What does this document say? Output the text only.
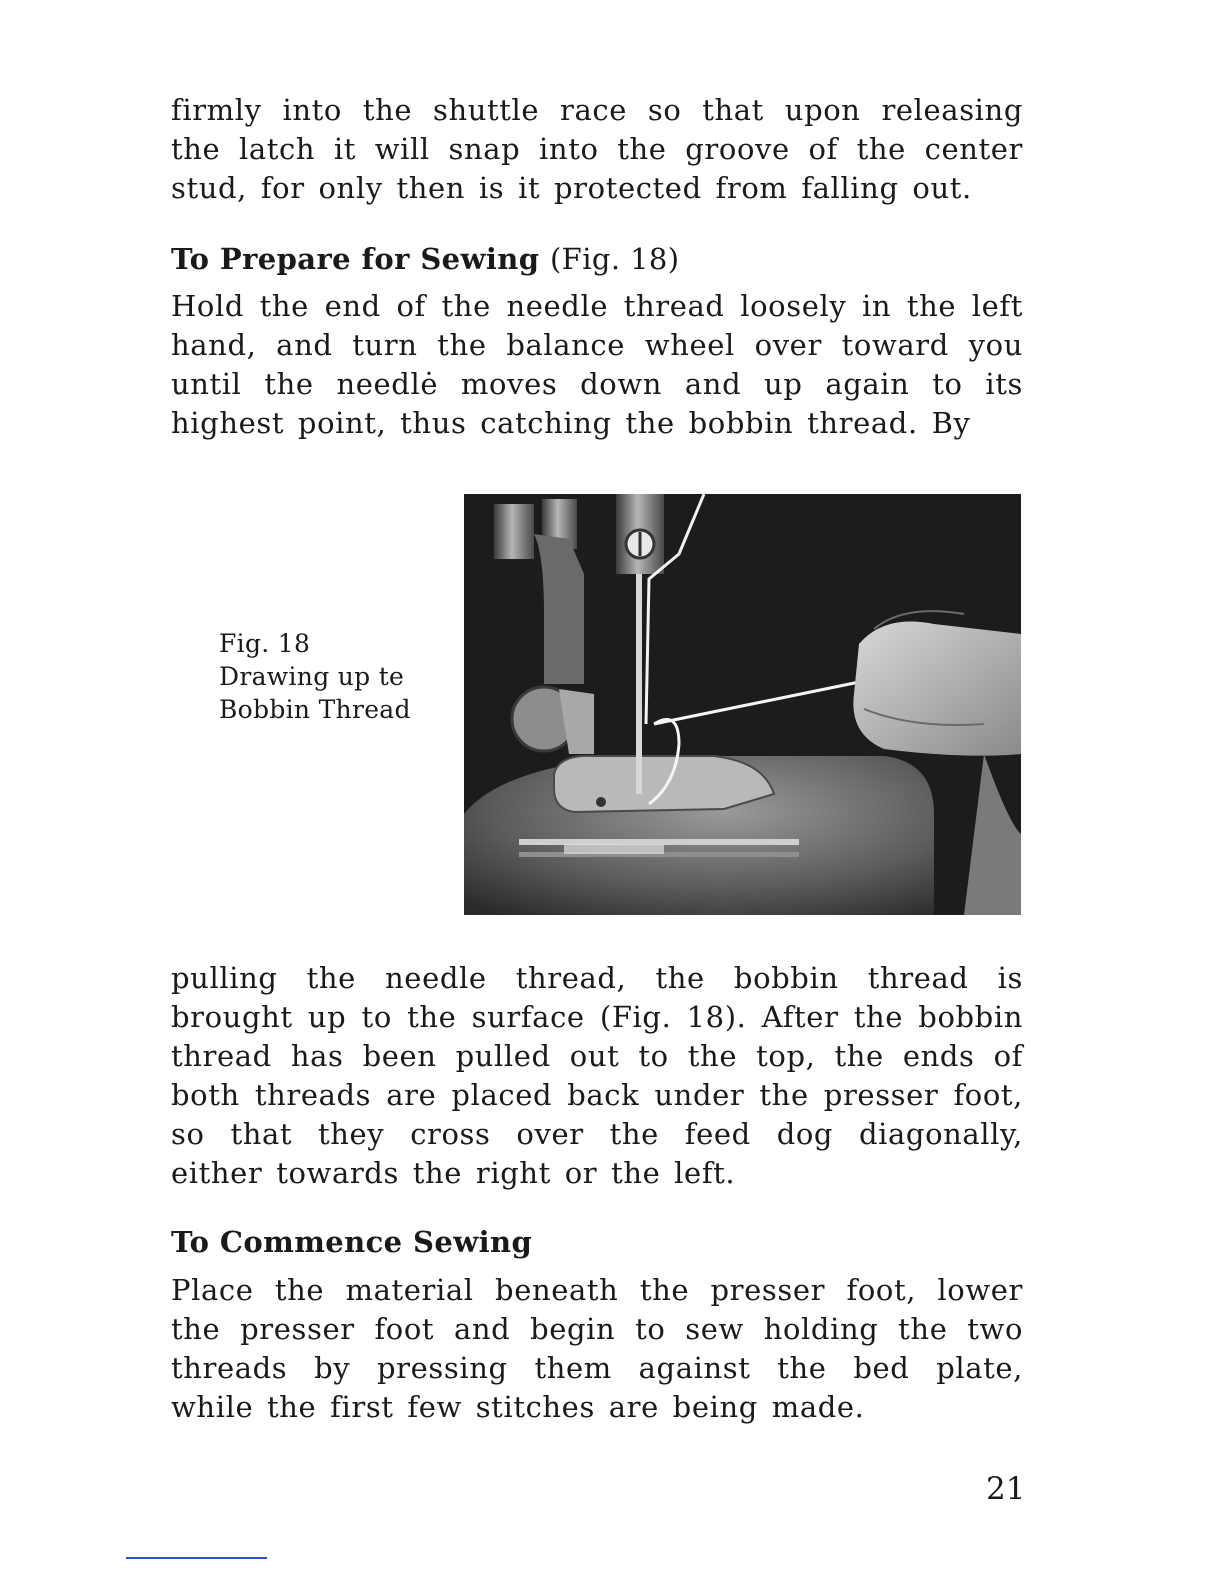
firmly into the shuttle race so that upon releasing the latch it will snap into the groove of the center stud, for only then is it protected from falling out.

To Prepare for Sewing (Fig. 18)

Hold the end of the needle thread loosely in the left hand, and turn the balance wheel over toward you until the needlė moves down and up again to its highest point, thus catching the bobbin thread. By

Fig. 18
Drawing up te
Bobbin Thread

pulling the needle thread, the bobbin thread is brought up to the surface (Fig. 18). After the bobbin thread has been pulled out to the top, the ends of both threads are placed back under the presser foot, so that they cross over the feed dog diagonally, either towards the right or the left.

To Commence Sewing

Place the material beneath the presser foot, lower the presser foot and begin to sew holding the two threads by pressing them against the bed plate, while the first few stitches are being made.

21
